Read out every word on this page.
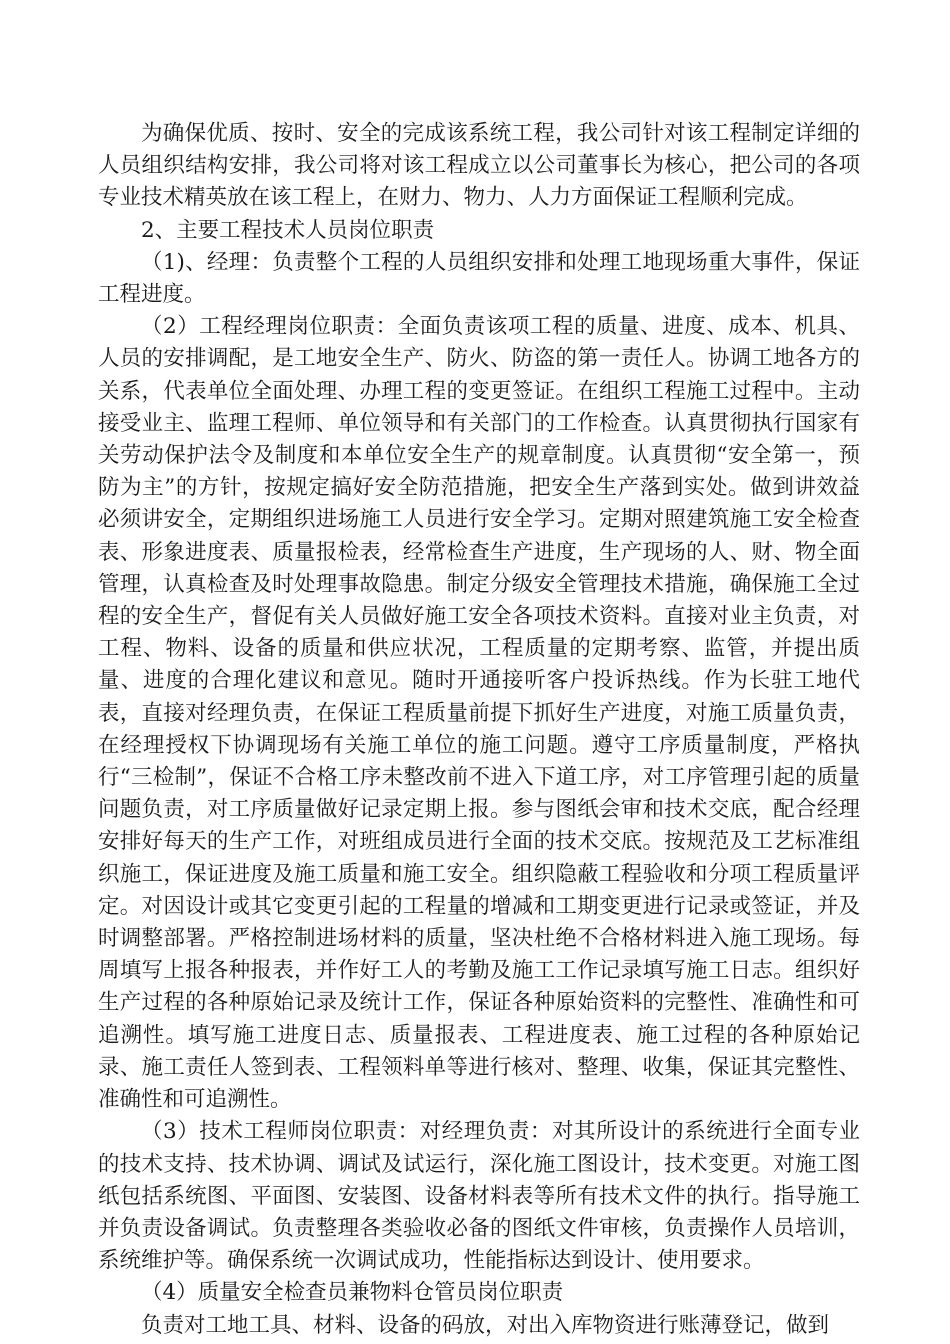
为确保优质、按时、安全的完成该系统工程，我公司针对该工程制定详细的人员组织结构安排，我公司将对该工程成立以公司董事长为核心，把公司的各项专业技术精英放在该工程上，在财力、物力、人力方面保证工程顺利完成。

2、主要工程技术人员岗位职责

（1)、经理：负责整个工程的人员组织安排和处理工地现场重大事件，保证工程进度。

（2）工程经理岗位职责：全面负责该项工程的质量、进度、成本、机具、人员的安排调配，是工地安全生产、防火、防盗的第一责任人。协调工地各方的关系，代表单位全面处理、办理工程的变更签证。在组织工程施工过程中。主动接受业主、监理工程师、单位领导和有关部门的工作检查。认真贯彻执行国家有关劳动保护法令及制度和本单位安全生产的规章制度。认真贯彻“安全第一，预防为主”的方针，按规定搞好安全防范措施，把安全生产落到实处。做到讲效益必须讲安全，定期组织进场施工人员进行安全学习。定期对照建筑施工安全检查表、形象进度表、质量报检表，经常检查生产进度，生产现场的人、财、物全面管理，认真检查及时处理事故隐患。制定分级安全管理技术措施，确保施工全过程的安全生产，督促有关人员做好施工安全各项技术资料。直接对业主负责，对工程、物料、设备的质量和供应状况，工程质量的定期考察、监管，并提出质量、进度的合理化建议和意见。随时开通接听客户投诉热线。作为长驻工地代表，直接对经理负责，在保证工程质量前提下抓好生产进度，对施工质量负责，在经理授权下协调现场有关施工单位的施工问题。遵守工序质量制度，严格执行“三检制”，保证不合格工序未整改前不进入下道工序，对工序管理引起的质量问题负责，对工序质量做好记录定期上报。参与图纸会审和技术交底，配合经理安排好每天的生产工作，对班组成员进行全面的技术交底。按规范及工艺标准组织施工，保证进度及施工质量和施工安全。组织隐蔽工程验收和分项工程质量评定。对因设计或其它变更引起的工程量的增减和工期变更进行记录或签证，并及时调整部署。严格控制进场材料的质量，坚决杜绝不合格材料进入施工现场。每周填写上报各种报表，并作好工人的考勤及施工工作记录填写施工日志。组织好生产过程的各种原始记录及统计工作，保证各种原始资料的完整性、准确性和可追溯性。填写施工进度日志、质量报表、工程进度表、施工过程的各种原始记录、施工责任人签到表、工程领料单等进行核对、整理、收集，保证其完整性、准确性和可追溯性。

（3）技术工程师岗位职责：对经理负责：对其所设计的系统进行全面专业的技术支持、技术协调、调试及试运行，深化施工图设计，技术变更。对施工图纸包括系统图、平面图、安装图、设备材料表等所有技术文件的执行。指导施工并负责设备调试。负责整理各类验收必备的图纸文件审核，负责操作人员培训，系统维护等。确保系统一次调试成功，性能指标达到设计、使用要求。

（4）质量安全检查员兼物料仓管员岗位职责

负责对工地工具、材料、设备的码放，对出入库物资进行账薄登记，做到
